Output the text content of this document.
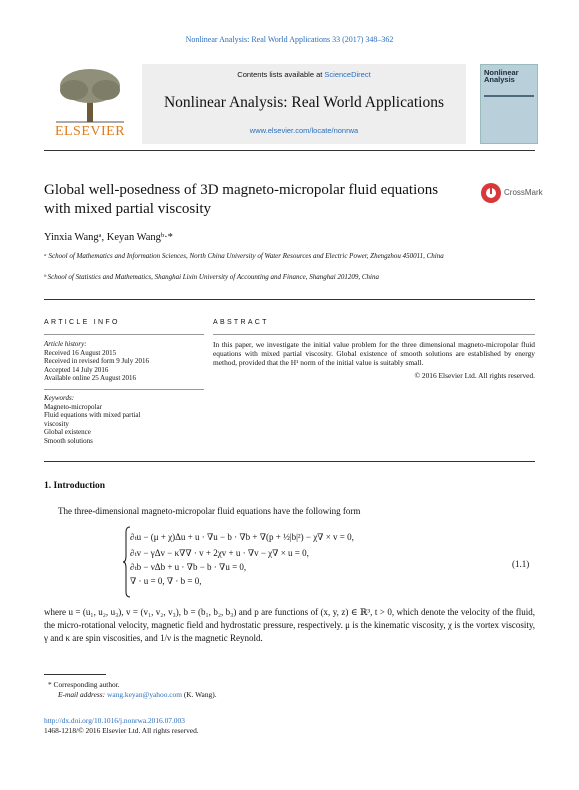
Nonlinear Analysis: Real World Applications 33 (2017) 348–362
ELSEVIER
Contents lists available at ScienceDirect
Nonlinear Analysis: Real World Applications
www.elsevier.com/locate/nonrwa
Nonlinear Analysis
Global well-posedness of 3D magneto-micropolar fluid equations with mixed partial viscosity
CrossMark
Yinxia Wangᵃ, Keyan Wangᵇ·*
ᵃ School of Mathematics and Information Sciences, North China University of Water Resources and Electric Power, Zhengzhou 450011, China
ᵇ School of Statistics and Mathematics, Shanghai Lixin University of Accounting and Finance, Shanghai 201209, China
ARTICLE INFO	ABSTRACT
Article history:
Received 16 August 2015
Received in revised form 9 July 2016
Accepted 14 July 2016
Available online 25 August 2016
Keywords:
Magneto-micropolar
Fluid equations with mixed partial
viscosity
Global existence
Smooth solutions
In this paper, we investigate the initial value problem for the three dimensional magneto-micropolar fluid equations with mixed partial viscosity. Global existence of smooth solutions are established by energy method, provided that the H¹ norm of the initial value is suitably small.
© 2016 Elsevier Ltd. All rights reserved.
1. Introduction
The three-dimensional magneto-micropolar fluid equations have the following form
∂ₜu − (μ + χ)Δu + u · ∇u − b · ∇b + ∇(p + ½|b|²) − χ∇ × v = 0,
∂ₜv − γΔv − κ∇∇ · v + 2χv + u · ∇v − χ∇ × u = 0,
∂ₜb − νΔb + u · ∇b − b · ∇u = 0,
∇ · u = 0, ∇ · b = 0,
(1.1)
where u = (u₁, u₂, u₃), v = (v₁, v₂, v₃), b = (b₁, b₂, b₃) and p are functions of (x, y, z) ∈ ℝ³, t > 0, which denote the velocity of the fluid, the micro-rotational velocity, magnetic field and hydrostatic pressure, respectively. μ is the kinematic viscosity, χ is the vortex viscosity, γ and κ are spin viscosities, and 1/ν is the magnetic Reynold.
* Corresponding author.
E-mail address: wang.keyan@yahoo.com (K. Wang).
http://dx.doi.org/10.1016/j.nonrwa.2016.07.003
1468-1218/© 2016 Elsevier Ltd. All rights reserved.
